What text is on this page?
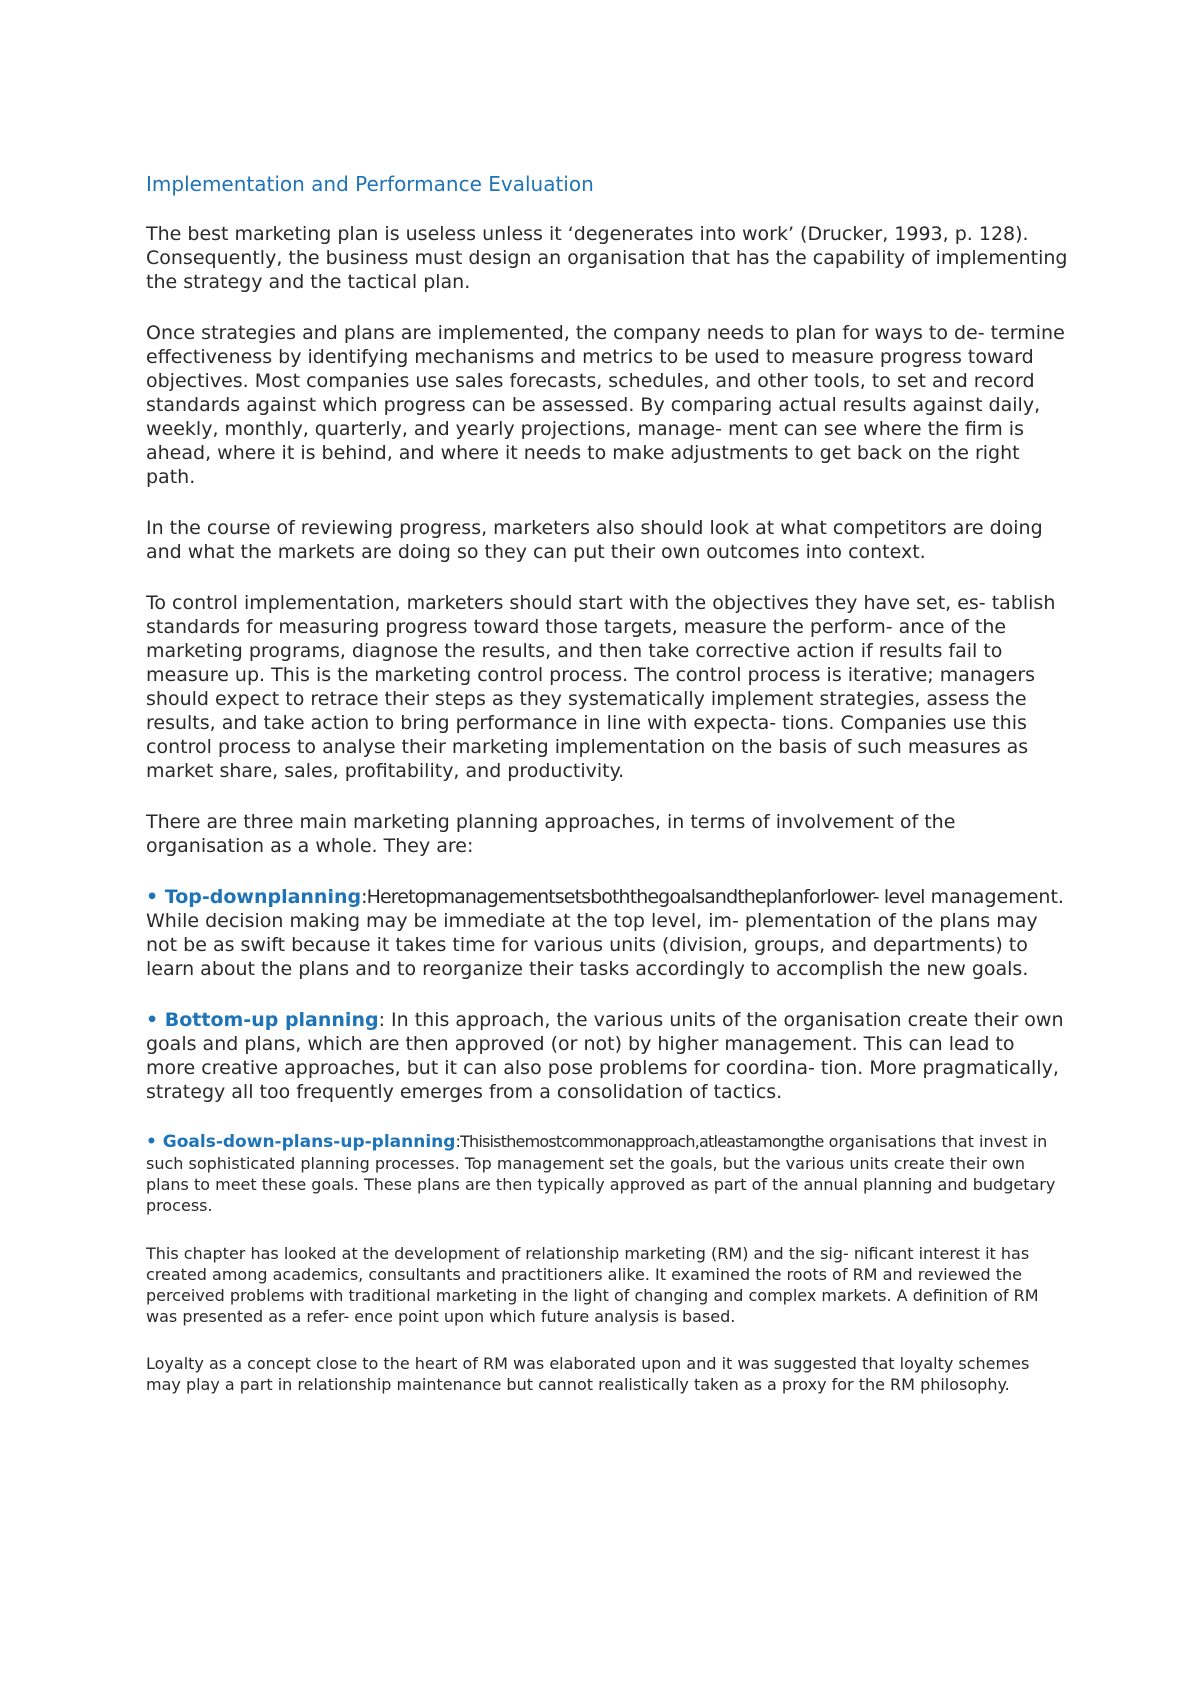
Implementation and Performance Evaluation

The best marketing plan is useless unless it ‘degenerates into work’ (Drucker, 1993, p. 128). Consequently, the business must design an organisation that has the capability of implementing the strategy and the tactical plan.

Once strategies and plans are implemented, the company needs to plan for ways to de- termine effectiveness by identifying mechanisms and metrics to be used to measure progress toward objectives. Most companies use sales forecasts, schedules, and other tools, to set and record standards against which progress can be assessed. By comparing actual results against daily, weekly, monthly, quarterly, and yearly projections, manage- ment can see where the firm is ahead, where it is behind, and where it needs to make adjustments to get back on the right path.

In the course of reviewing progress, marketers also should look at what competitors are doing and what the markets are doing so they can put their own outcomes into context.

To control implementation, marketers should start with the objectives they have set, es- tablish standards for measuring progress toward those targets, measure the perform- ance of the marketing programs, diagnose the results, and then take corrective action if results fail to measure up. This is the marketing control process. The control process is iterative; managers should expect to retrace their steps as they systematically implement strategies, assess the results, and take action to bring performance in line with expecta- tions. Companies use this control process to analyse their marketing implementation on the basis of such measures as market share, sales, profitability, and productivity.

There are three main marketing planning approaches, in terms of involvement of the organisation as a whole. They are:

• Top-downplanning:Heretopmanagementsetsboththegoalsandtheplanforlower- level management. While decision making may be immediate at the top level, im- plementation of the plans may not be as swift because it takes time for various units (division, groups, and departments) to learn about the plans and to reorganize their tasks accordingly to accomplish the new goals.

• Bottom-up planning: In this approach, the various units of the organisation create their own goals and plans, which are then approved (or not) by higher management. This can lead to more creative approaches, but it can also pose problems for coordina- tion. More pragmatically, strategy all too frequently emerges from a consolidation of tactics.

• Goals-down-plans-up-planning:Thisisthemostcommonapproach,atleastamongthe organisations that invest in such sophisticated planning processes. Top management set the goals, but the various units create their own plans to meet these goals. These plans are then typically approved as part of the annual planning and budgetary process.

This chapter has looked at the development of relationship marketing (RM) and the sig- nificant interest it has created among academics, consultants and practitioners alike. It examined the roots of RM and reviewed the perceived problems with traditional marketing in the light of changing and complex markets. A definition of RM was presented as a refer- ence point upon which future analysis is based.

Loyalty as a concept close to the heart of RM was elaborated upon and it was suggested that loyalty schemes may play a part in relationship maintenance but cannot realistically taken as a proxy for the RM philosophy.
